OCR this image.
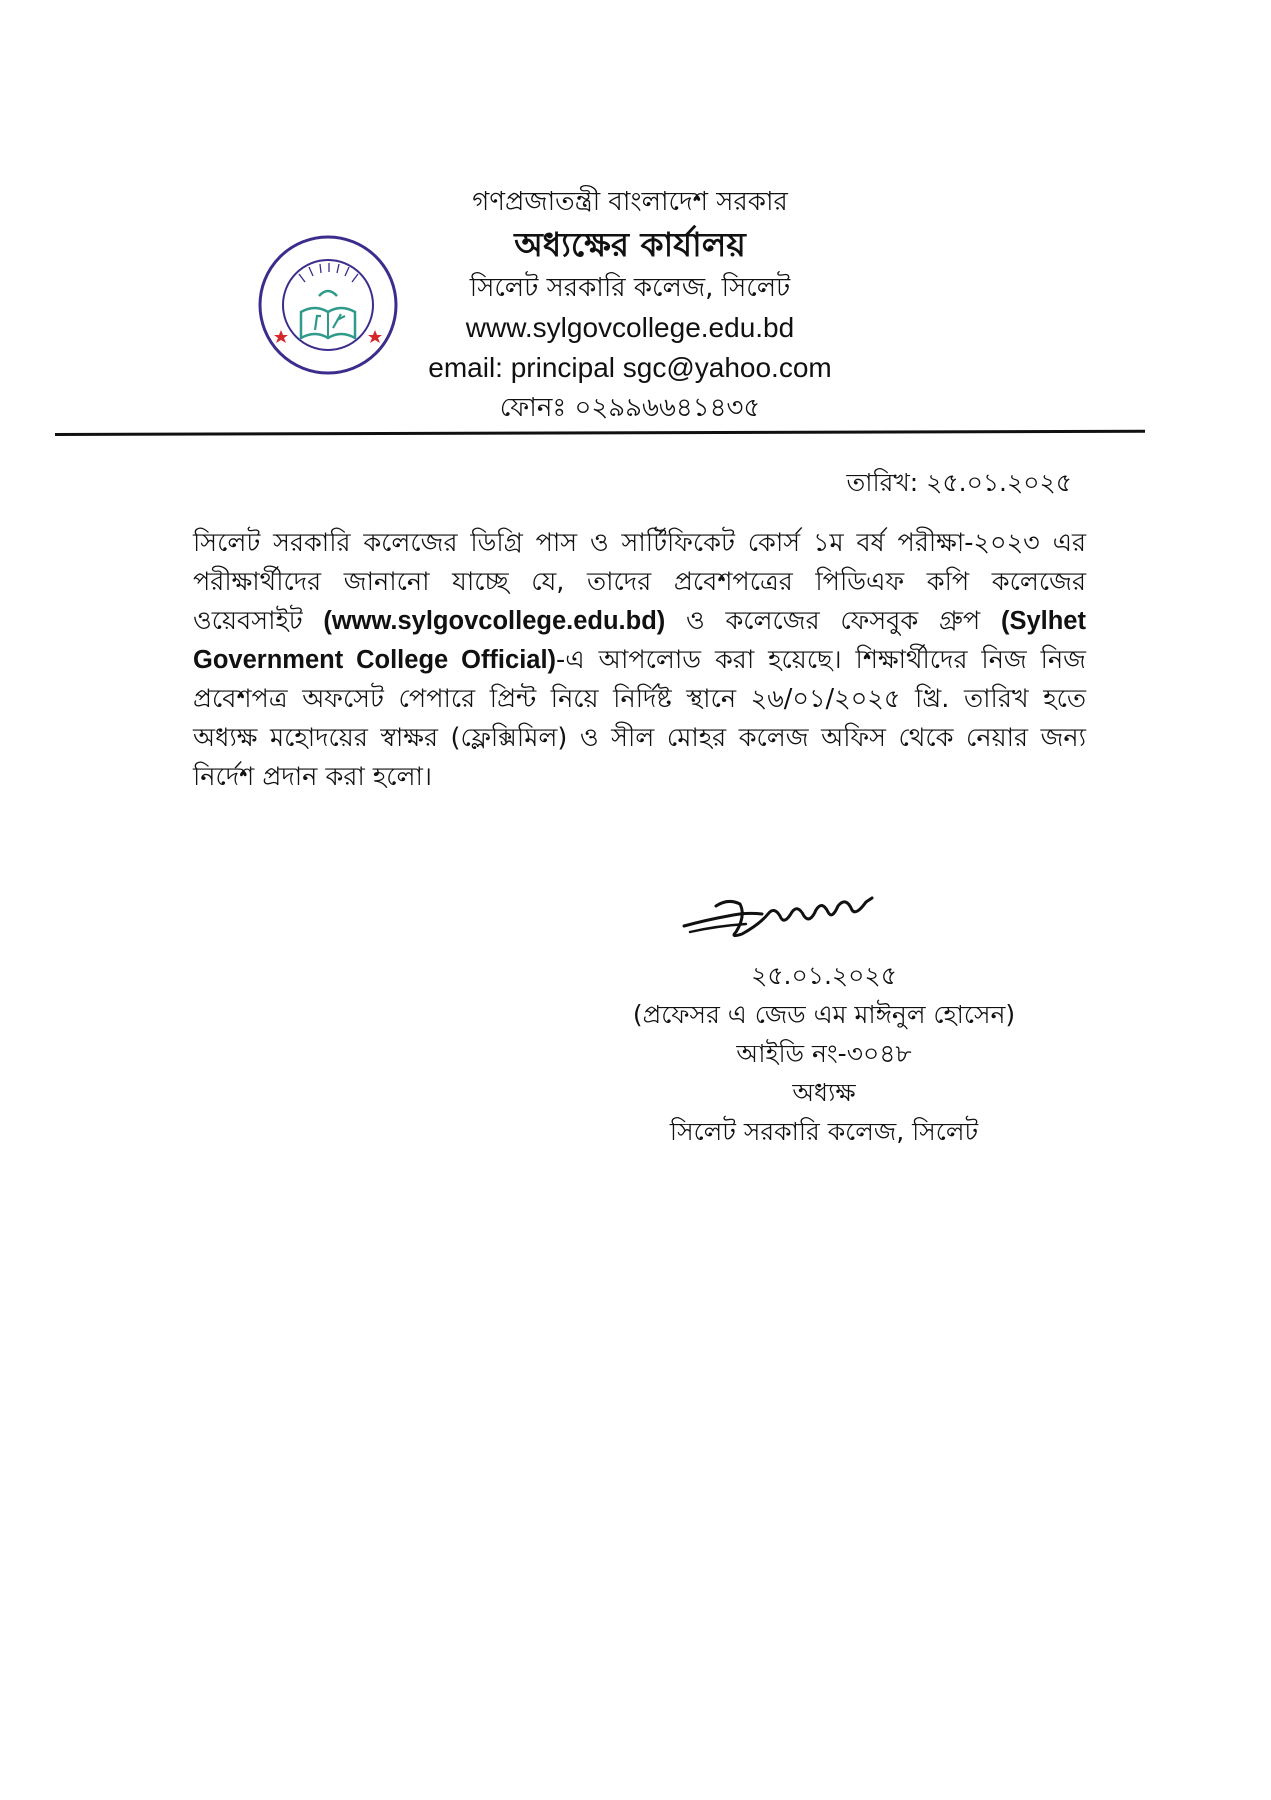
গণপ্রজাতন্ত্রী বাংলাদেশ সরকার
অধ্যক্ষের কার্যালয়
সিলেট সরকারি কলেজ, সিলেট
www.sylgovcollege.edu.bd
email: principal sgc@yahoo.com
ফোনঃ ০২৯৯৬৬৪১৪৩৫
তারিখ: ২৫.০১.২০২৫
সিলেট সরকারি কলেজের ডিগ্রি পাস ও সার্টিফিকেট কোর্স ১ম বর্ষ পরীক্ষা-২০২৩ এর পরীক্ষার্থীদের জানানো যাচ্ছে যে, তাদের প্রবেশপত্রের পিডিএফ কপি কলেজের ওয়েবসাইট (www.sylgovcollege.edu.bd) ও কলেজের ফেসবুক গ্রুপ (Sylhet Government College Official)-এ আপলোড করা হয়েছে। শিক্ষার্থীদের নিজ নিজ প্রবেশপত্র অফসেট পেপারে প্রিন্ট নিয়ে নির্দিষ্ট স্থানে ২৬/০১/২০২৫ খ্রি. তারিখ হতে অধ্যক্ষ মহোদয়ের স্বাক্ষর (ফ্লেক্সিমিল) ও সীল মোহর কলেজ অফিস থেকে নেয়ার জন্য নির্দেশ প্রদান করা হলো।
২৫.০১.২০২৫
(প্রফেসর এ জেড এম মাঈনুল হোসেন)
আইডি নং-৩০৪৮
অধ্যক্ষ
সিলেট সরকারি কলেজ, সিলেট
